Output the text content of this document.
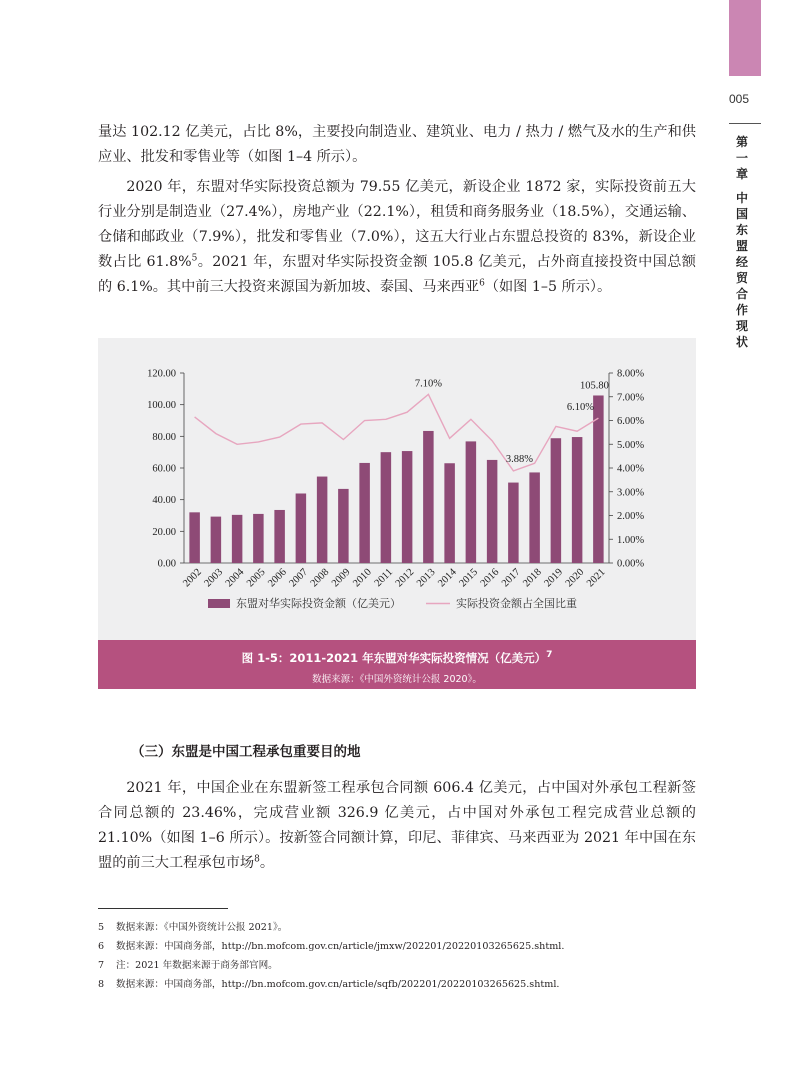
005
第一章
中国东盟经贸合作现状

量达 102.12 亿美元，占比 8%，主要投向制造业、建筑业、电力 / 热力 / 燃气及水的生产和供应业、批发和零售业等（如图 1–4 所示）。

2020 年，东盟对华实际投资总额为 79.55 亿美元，新设企业 1872 家，实际投资前五大行业分别是制造业（27.4%），房地产业（22.1%），租赁和商务服务业（18.5%），交通运输、仓储和邮政业（7.9%），批发和零售业（7.0%），这五大行业占东盟总投资的 83%，新设企业数占比 61.8%$^5$。2021 年，东盟对华实际投资金额 105.8 亿美元，占外商直接投资中国总额的 6.1%。其中前三大投资来源国为新加坡、泰国、马来西亚$^6$（如图 1–5 所示）。

0.00
20.00
40.00
60.00
80.00
100.00
120.00
0.00%
1.00%
2.00%
3.00%
4.00%
5.00%
6.00%
7.00%
8.00%
2002
2003
2004
2005
2006
2007
2008
2009
2010
2011
2012
2013
2014
2015
2016
2017
2018
2019
2020
2021
105.80
7.10%
3.88%
6.10%
东盟对华实际投资金额（亿美元）	实际投资金额占全国比重
图 1-5：2011-2021 年东盟对华实际投资情况（亿美元）$^7$
数据来源：《中国外资统计公报 2020》。
（三）东盟是中国工程承包重要目的地

2021 年，中国企业在东盟新签工程承包合同额 606.4 亿美元，占中国对外承包工程新签合同总额的 23.46%，完成营业额 326.9 亿美元，占中国对外承包工程完成营业总额的 21.10%（如图 1–6 所示）。按新签合同额计算，印尼、菲律宾、马来西亚为 2021 年中国在东盟的前三大工程承包市场$^8$。

5 数据来源：《中国外资统计公报 2021》。
6 数据来源：中国商务部，http://bn.mofcom.gov.cn/article/jmxw/202201/20220103265625.shtml.
7 注：2021 年数据来源于商务部官网。
8 数据来源：中国商务部，http://bn.mofcom.gov.cn/article/sqfb/202201/20220103265625.shtml.
